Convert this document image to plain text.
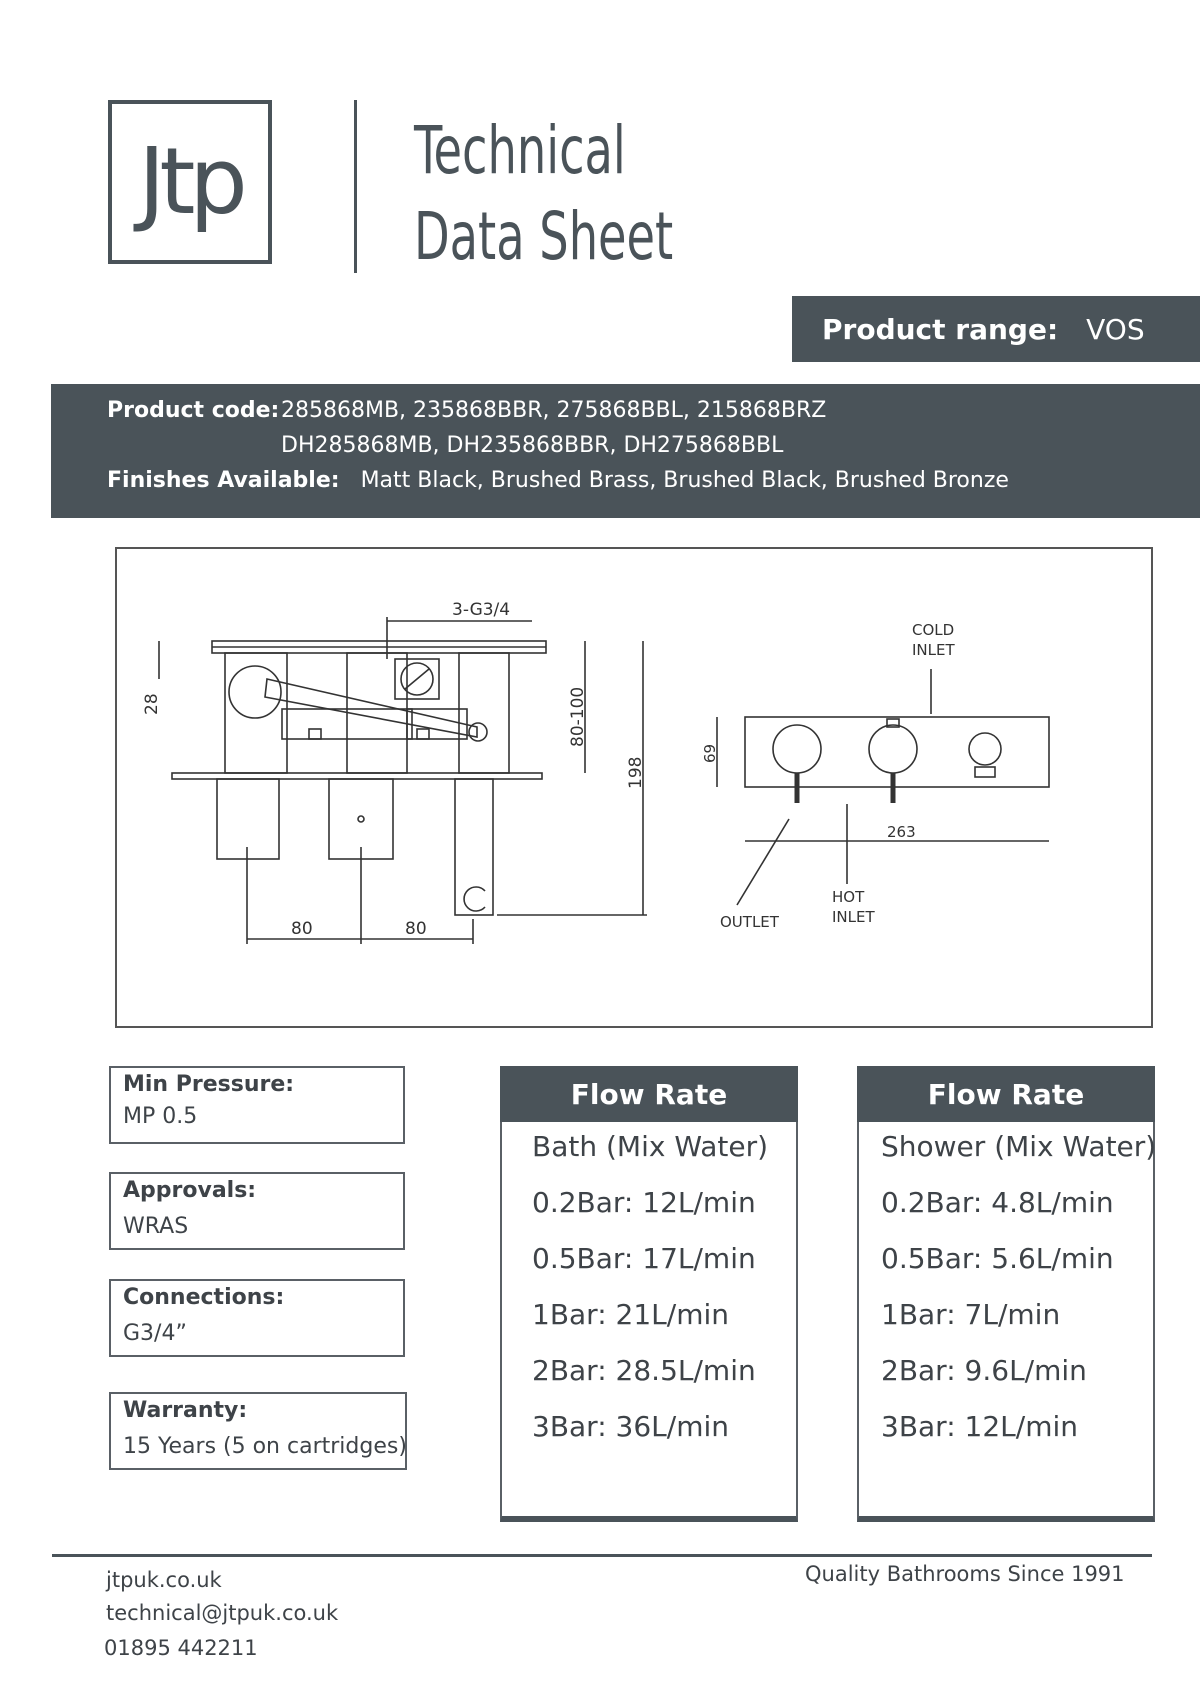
Jtp	Technical
Data Sheet
Product range: VOS
Product code: 285868MB, 235868BBR, 275868BBL, 215868BRZ
DH285868MB, DH235868BBR, DH275868BBL
Finishes Available: Matt Black, Brushed Brass, Brushed Black, Brushed Bronze
80	80
3-G3/4
28	80-100
198
69
263
COLD
INLET
HOT
INLET
OUTLET
Min Pressure:
MP 0.5
Approvals:
WRAS
Connections:
G3/4”
Warranty:
15 Years (5 on cartridges)
Flow Rate
Bath (Mix Water)
0.2Bar: 12L/min
0.5Bar: 17L/min
1Bar: 21L/min
2Bar: 28.5L/min
3Bar: 36L/min
Flow Rate
Shower (Mix Water)
0.2Bar: 4.8L/min
0.5Bar: 5.6L/min
1Bar: 7L/min
2Bar: 9.6L/min
3Bar: 12L/min
jtpuk.co.uk
technical@jtpuk.co.uk
01895 442211
Quality Bathrooms Since 1991
